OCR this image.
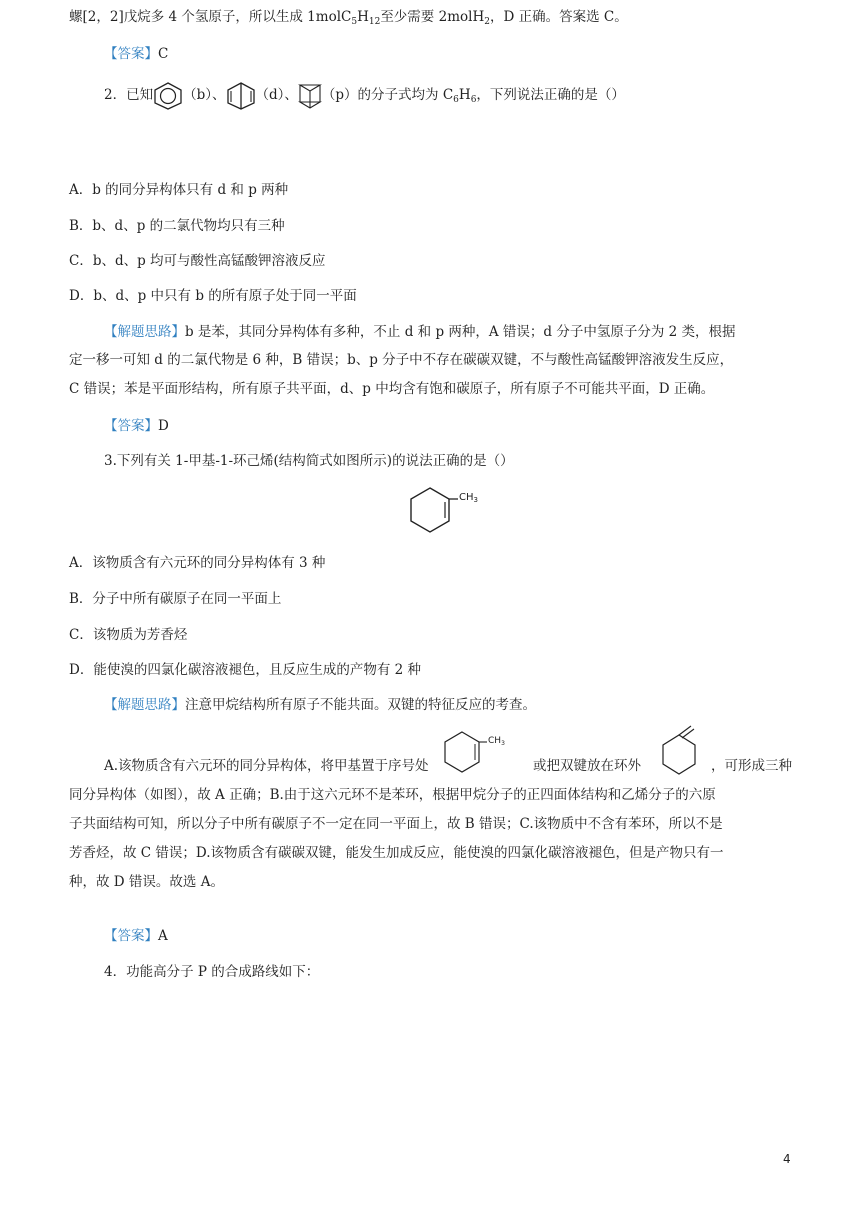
螺[2，2]戊烷多 4 个氢原子，所以生成 $1molC_5H_{12}$至少需要 2molH$_2$，D 正确。答案选 C。
【答案】C
2．已知 （b）、 （d）、 （p）的分子式均为 $C_6H_6$，下列说法正确的是（）
A．b 的同分异构体只有 d 和 p 两种
B．b、d、p 的二氯代物均只有三种
C．b、d、p 均可与酸性高锰酸钾溶液反应
D．b、d、p 中只有 b 的所有原子处于同一平面
【解题思路】b 是苯，其同分异构体有多种，不止 d 和 p 两种，A 错误；d 分子中氢原子分为 2 类，根据
定一移一可知 d 的二氯代物是 6 种，B 错误；b、p 分子中不存在碳碳双键，不与酸性高锰酸钾溶液发生反应，
C 错误；苯是平面形结构，所有原子共平面，d、p 中均含有饱和碳原子，所有原子不可能共平面，D 正确。
【答案】D
3.下列有关 1-甲基-1-环己烯(结构简式如图所示)的说法正确的是（）
$CH_3$
A．该物质含有六元环的同分异构体有 3 种
B．分子中所有碳原子在同一平面上
C．该物质为芳香烃
D．能使溴的四氯化碳溶液褪色，且反应生成的产物有 2 种
【解题思路】注意甲烷结构所有原子不能共面。双键的特征反应的考查。
A.该物质含有六元环的同分异构体，将甲基置于序号处
$CH_3$
或把双键放在环外	，可形成三种
同分异构体（如图），故 A 正确；B.由于这六元环不是苯环，根据甲烷分子的正四面体结构和乙烯分子的六原
子共面结构可知，所以分子中所有碳原子不一定在同一平面上，故 B 错误；C.该物质中不含有苯环，所以不是
芳香烃，故 C 错误；D.该物质含有碳碳双键，能发生加成反应，能使溴的四氯化碳溶液褪色，但是产物只有一
种，故 D 错误。故选 A。
【答案】A
4．功能高分子 P 的合成路线如下：
4
